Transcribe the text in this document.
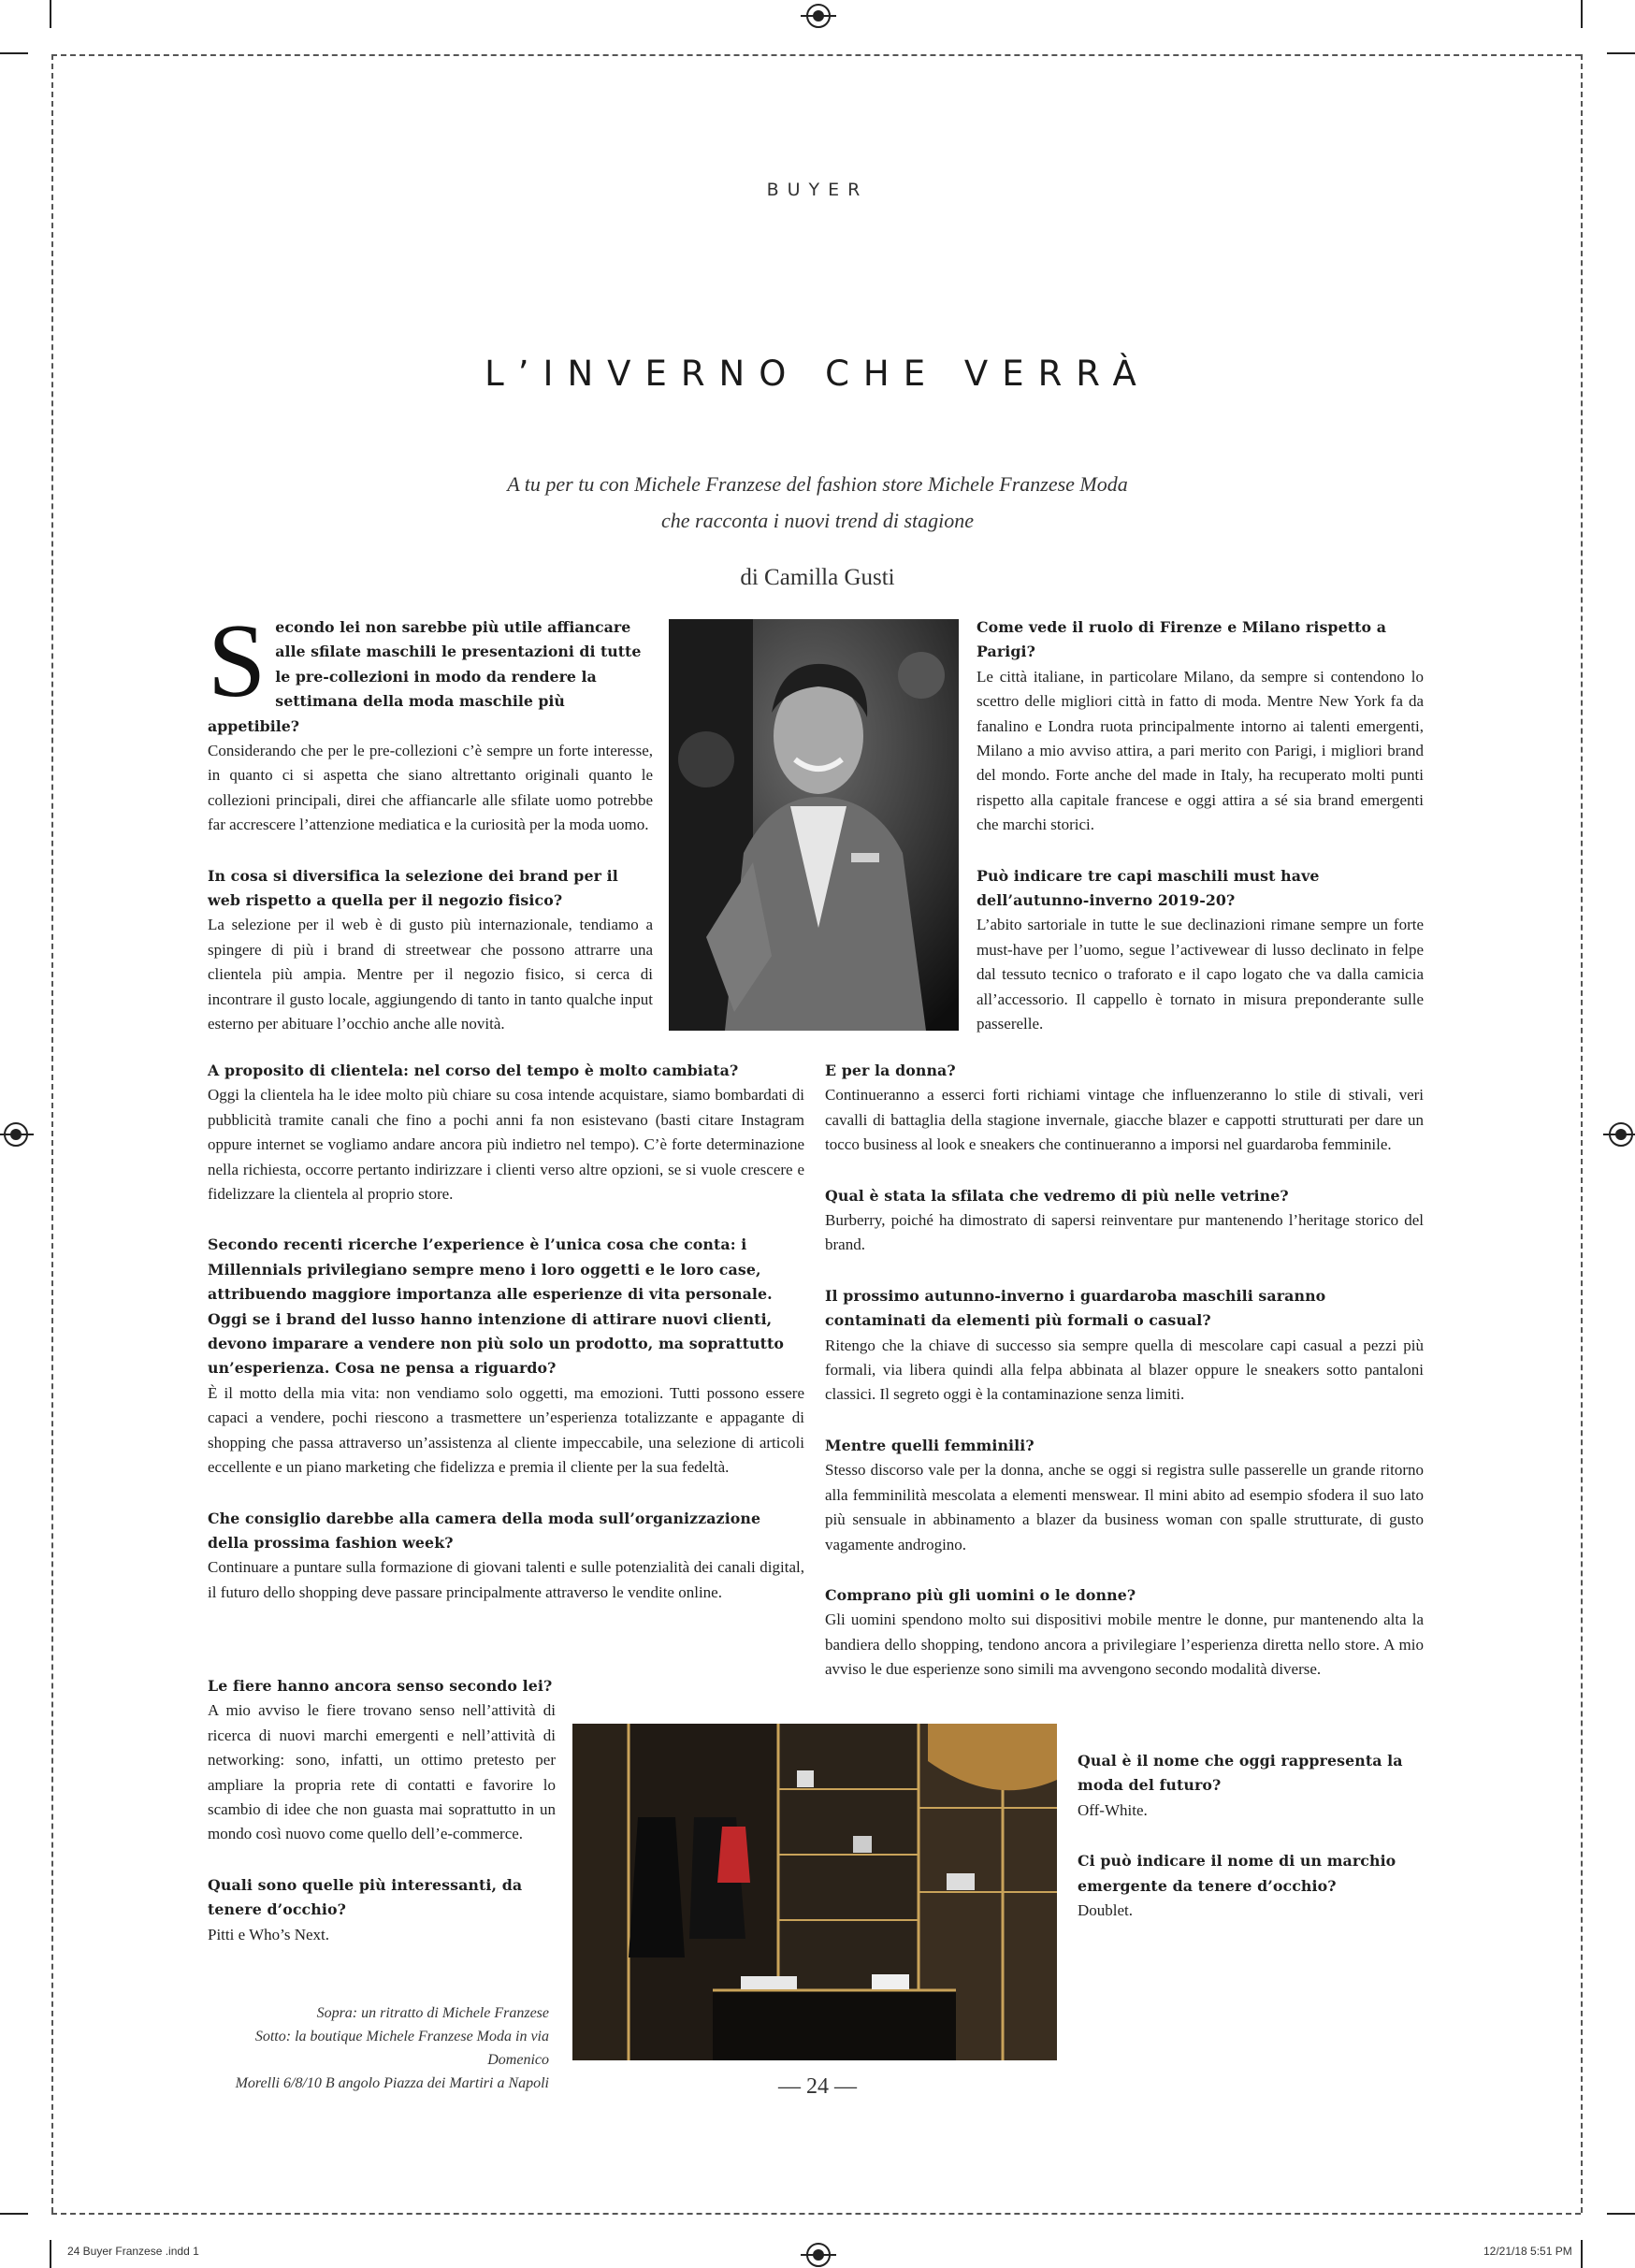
BUYER
L’INVERNO CHE VERRÀ
A tu per tu con Michele Franzese del fashion store Michele Franzese Moda
che racconta i nuovi trend di stagione
di Camilla Gusti

S econdo lei non sarebbe più utile affiancare alle sfilate maschili le presentazioni di tutte le pre-collezioni in modo da rendere la settimana della moda maschile più appetibile?
Considerando che per le pre-collezioni c’è sempre un forte interesse, in quanto ci si aspetta che siano altrettanto originali quanto le collezioni principali, direi che affiancarle alle sfilate uomo potrebbe far accrescere l’attenzione mediatica e la curiosità per la moda uomo.

In cosa si diversifica la selezione dei brand per il web rispetto a quella per il negozio fisico?
La selezione per il web è di gusto più internazionale, tendiamo a spingere di più i brand di streetwear che possono attrarre una clientela più ampia. Mentre per il negozio fisico, si cerca di incontrare il gusto locale, aggiungendo di tanto in tanto qualche input esterno per abituare l’occhio anche alle novità.

Come vede il ruolo di Firenze e Milano rispetto a Parigi?
Le città italiane, in particolare Milano, da sempre si contendono lo scettro delle migliori città in fatto di moda. Mentre New York fa da fanalino e Londra ruota principalmente intorno ai talenti emergenti, Milano a mio avviso attira, a pari merito con Parigi, i migliori brand del mondo. Forte anche del made in Italy, ha recuperato molti punti rispetto alla capitale francese e oggi attira a sé sia brand emergenti che marchi storici.

Può indicare tre capi maschili must have dell’autunno-inverno 2019-20?
L’abito sartoriale in tutte le sue declinazioni rimane sempre un forte must-have per l’uomo, segue l’activewear di lusso declinato in felpe dal tessuto tecnico o traforato e il capo logato che va dalla camicia all’accessorio. Il cappello è tornato in misura preponderante sulle passerelle.

A proposito di clientela: nel corso del tempo è molto cambiata?
Oggi la clientela ha le idee molto più chiare su cosa intende acquistare, siamo bombardati di pubblicità tramite canali che fino a pochi anni fa non esistevano (basti citare Instagram oppure internet se vogliamo andare ancora più indietro nel tempo). C’è forte determinazione nella richiesta, occorre pertanto indirizzare i clienti verso altre opzioni, se si vuole crescere e fidelizzare la clientela al proprio store.

Secondo recenti ricerche l’experience è l’unica cosa che conta: i Millennials privilegiano sempre meno i loro oggetti e le loro case, attribuendo maggiore importanza alle esperienze di vita personale. Oggi se i brand del lusso hanno intenzione di attirare nuovi clienti, devono imparare a vendere non più solo un prodotto, ma soprattutto un’esperienza. Cosa ne pensa a riguardo?
È il motto della mia vita: non vendiamo solo oggetti, ma emozioni. Tutti possono essere capaci a vendere, pochi riescono a trasmettere un’esperienza totalizzante e appagante di shopping che passa attraverso un’assistenza al cliente impeccabile, una selezione di articoli eccellente e un piano marketing che fidelizza e premia il cliente per la sua fedeltà.

Che consiglio darebbe alla camera della moda sull’organizzazione della prossima fashion week?
Continuare a puntare sulla formazione di giovani talenti e sulle potenzialità dei canali digital, il futuro dello shopping deve passare principalmente attraverso le vendite online.

Le fiere hanno ancora senso secondo lei?
A mio avviso le fiere trovano senso nell’attività di ricerca di nuovi marchi emergenti e nell’attività di networking: sono, infatti, un ottimo pretesto per ampliare la propria rete di contatti e favorire lo scambio di idee che non guasta mai soprattutto in un mondo così nuovo come quello dell’e-commerce.

Quali sono quelle più interessanti, da tenere d’occhio?
Pitti e Who’s Next.

E per la donna?
Continueranno a esserci forti richiami vintage che influenzeranno lo stile di stivali, veri cavalli di battaglia della stagione invernale, giacche blazer e cappotti strutturati per dare un tocco business al look e sneakers che continueranno a imporsi nel guardaroba femminile.

Qual è stata la sfilata che vedremo di più nelle vetrine?
Burberry, poiché ha dimostrato di sapersi reinventare pur mantenendo l’heritage storico del brand.

Il prossimo autunno-inverno i guardaroba maschili saranno contaminati da elementi più formali o casual?
Ritengo che la chiave di successo sia sempre quella di mescolare capi casual a pezzi più formali, via libera quindi alla felpa abbinata al blazer oppure le sneakers sotto pantaloni classici. Il segreto oggi è la contaminazione senza limiti.

Mentre quelli femminili?
Stesso discorso vale per la donna, anche se oggi si registra sulle passerelle un grande ritorno alla femminilità mescolata a elementi menswear. Il mini abito ad esempio sfodera il suo lato più sensuale in abbinamento a blazer da business woman con spalle strutturate, di gusto vagamente androgino.

Comprano più gli uomini o le donne?
Gli uomini spendono molto sui dispositivi mobile mentre le donne, pur mantenendo alta la bandiera dello shopping, tendono ancora a privilegiare l’esperienza diretta nello store. A mio avviso le due esperienze sono simili ma avvengono secondo modalità diverse.

Qual è il nome che oggi rappresenta la moda del futuro?
Off-White.

Ci può indicare il nome di un marchio emergente da tenere d’occhio?
Doublet.

Sopra: un ritratto di Michele Franzese
Sotto: la boutique Michele Franzese Moda in via Domenico
Morelli 6/8/10 B angolo Piazza dei Martiri a Napoli	— 24 —
24 Buyer Franzese .indd 1	12/21/18 5:51 PM
